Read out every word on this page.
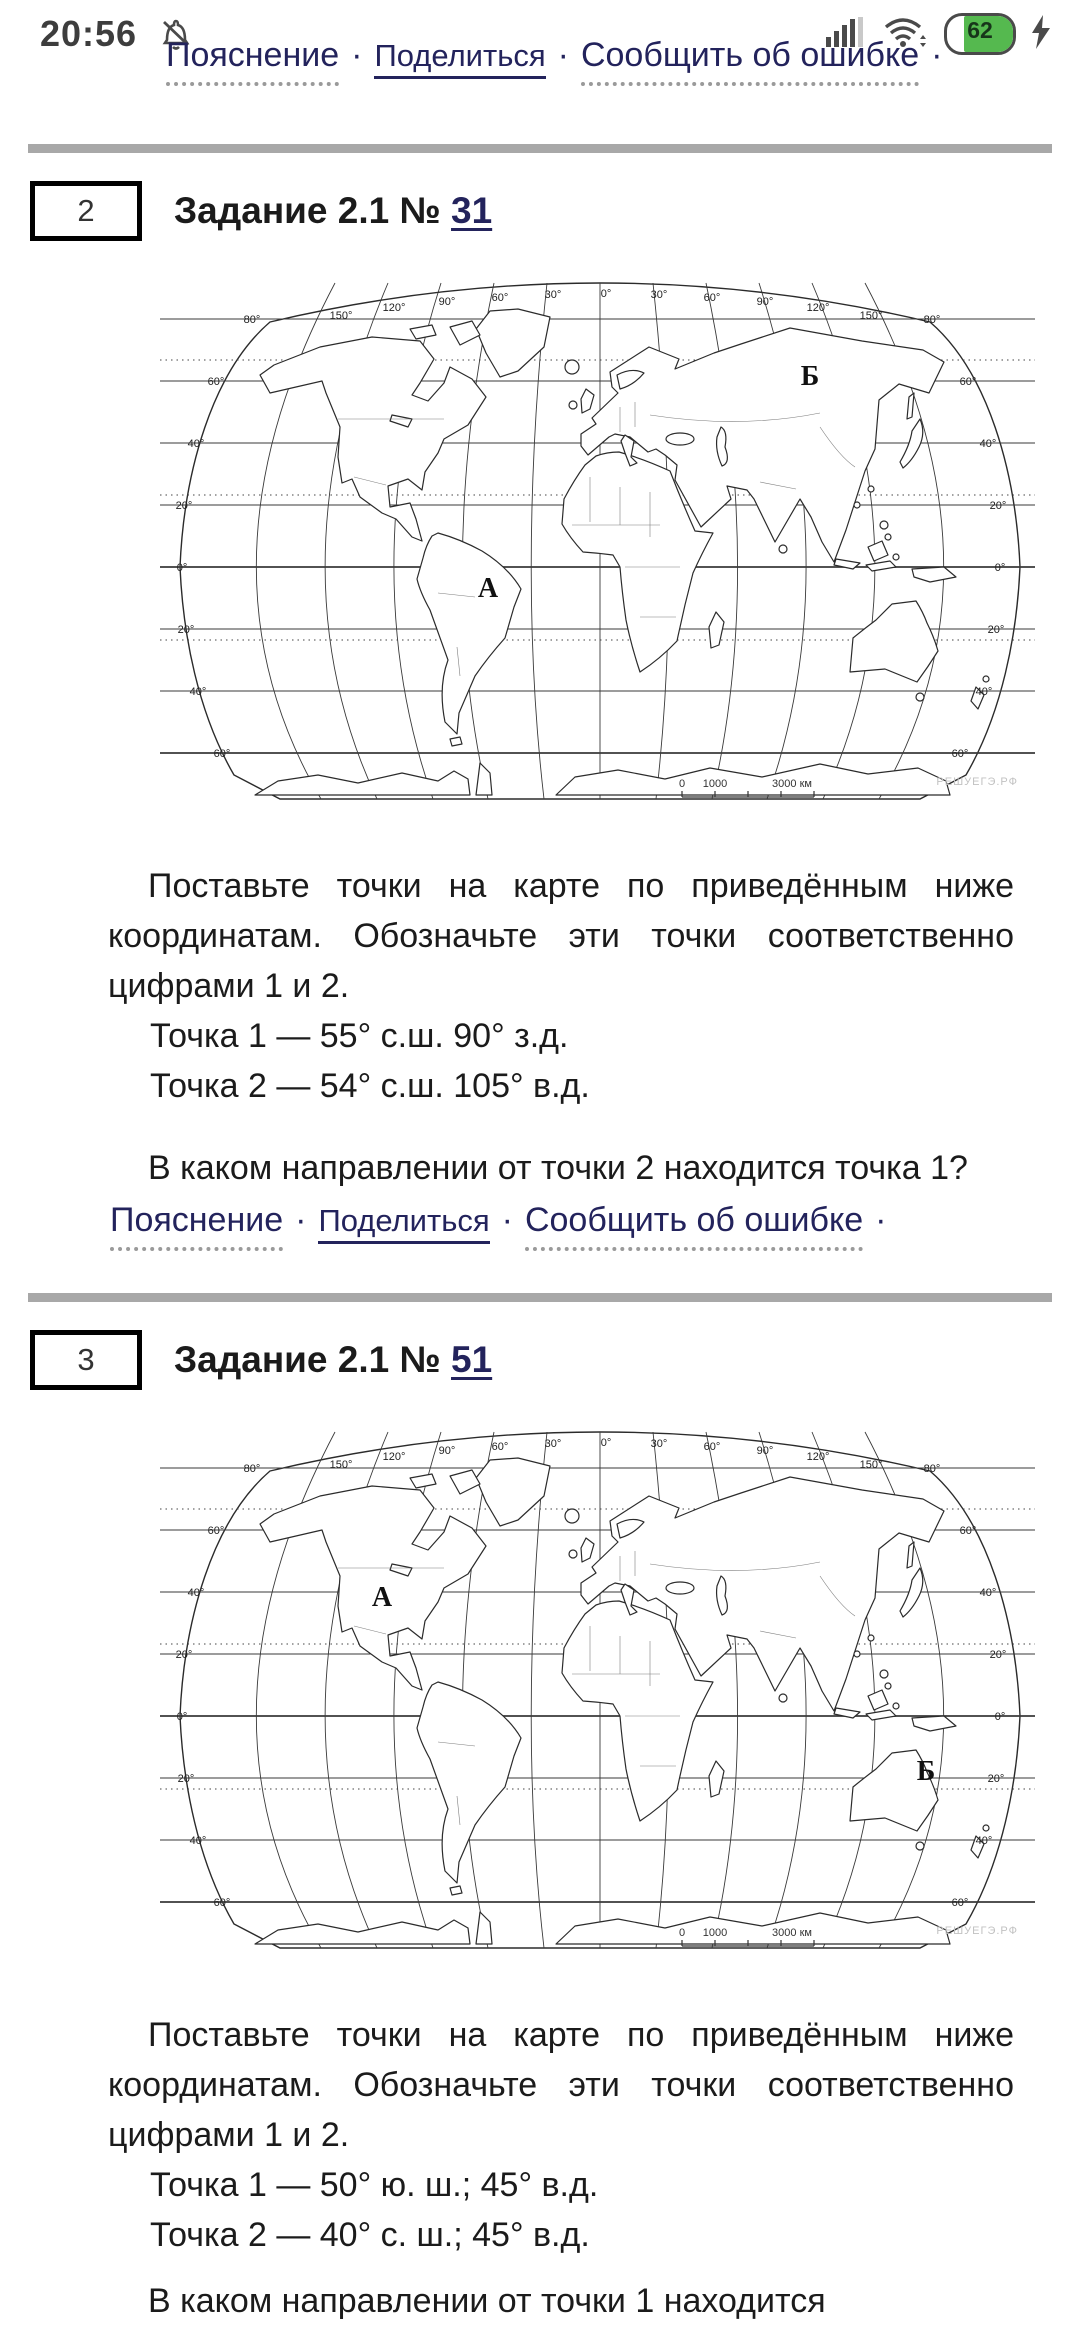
20:56	62
Пояснение · Поделиться · Сообщить об ошибке ·
2	Задание 2.1 № 31
150°
120°	90°	60°	30°	0°	30°	60°	90°	120°
150°
80°	80°
60°	60°
40°	40°
20°	20°
0°	0°
20°	20°
40°	40°
60°	60°
0 1000	3000 км	РЕШУЕГЭ.РФ
А
Б

Поставьте точки на карте по приведённым ниже координатам. Обозначьте эти точки соответственно цифрами 1 и 2.

Точка 1 — 55° с.ш. 90° з.д.
Точка 2 — 54° с.ш. 105° в.д.

В каком направлении от точки 2 находится точка 1?

Пояснение · Поделиться · Сообщить об ошибке ·
3	Задание 2.1 № 51
150°
120°	90°	60°	30°	0°	30°	60°	90°	120°
150°
80°	80°
60°	60°
40°	40°
20°	20°
0°	0°
20°	20°
40°	40°
60°	60°
0 1000	3000 км	РЕШУЕГЭ.РФ
А
Б

Поставьте точки на карте по приведённым ниже координатам. Обозначьте эти точки соответственно цифрами 1 и 2.

Точка 1 — 50° ю. ш.; 45° в.д.
Точка 2 — 40° с. ш.; 45° в.д.

В каком направлении от точки 1 находится
